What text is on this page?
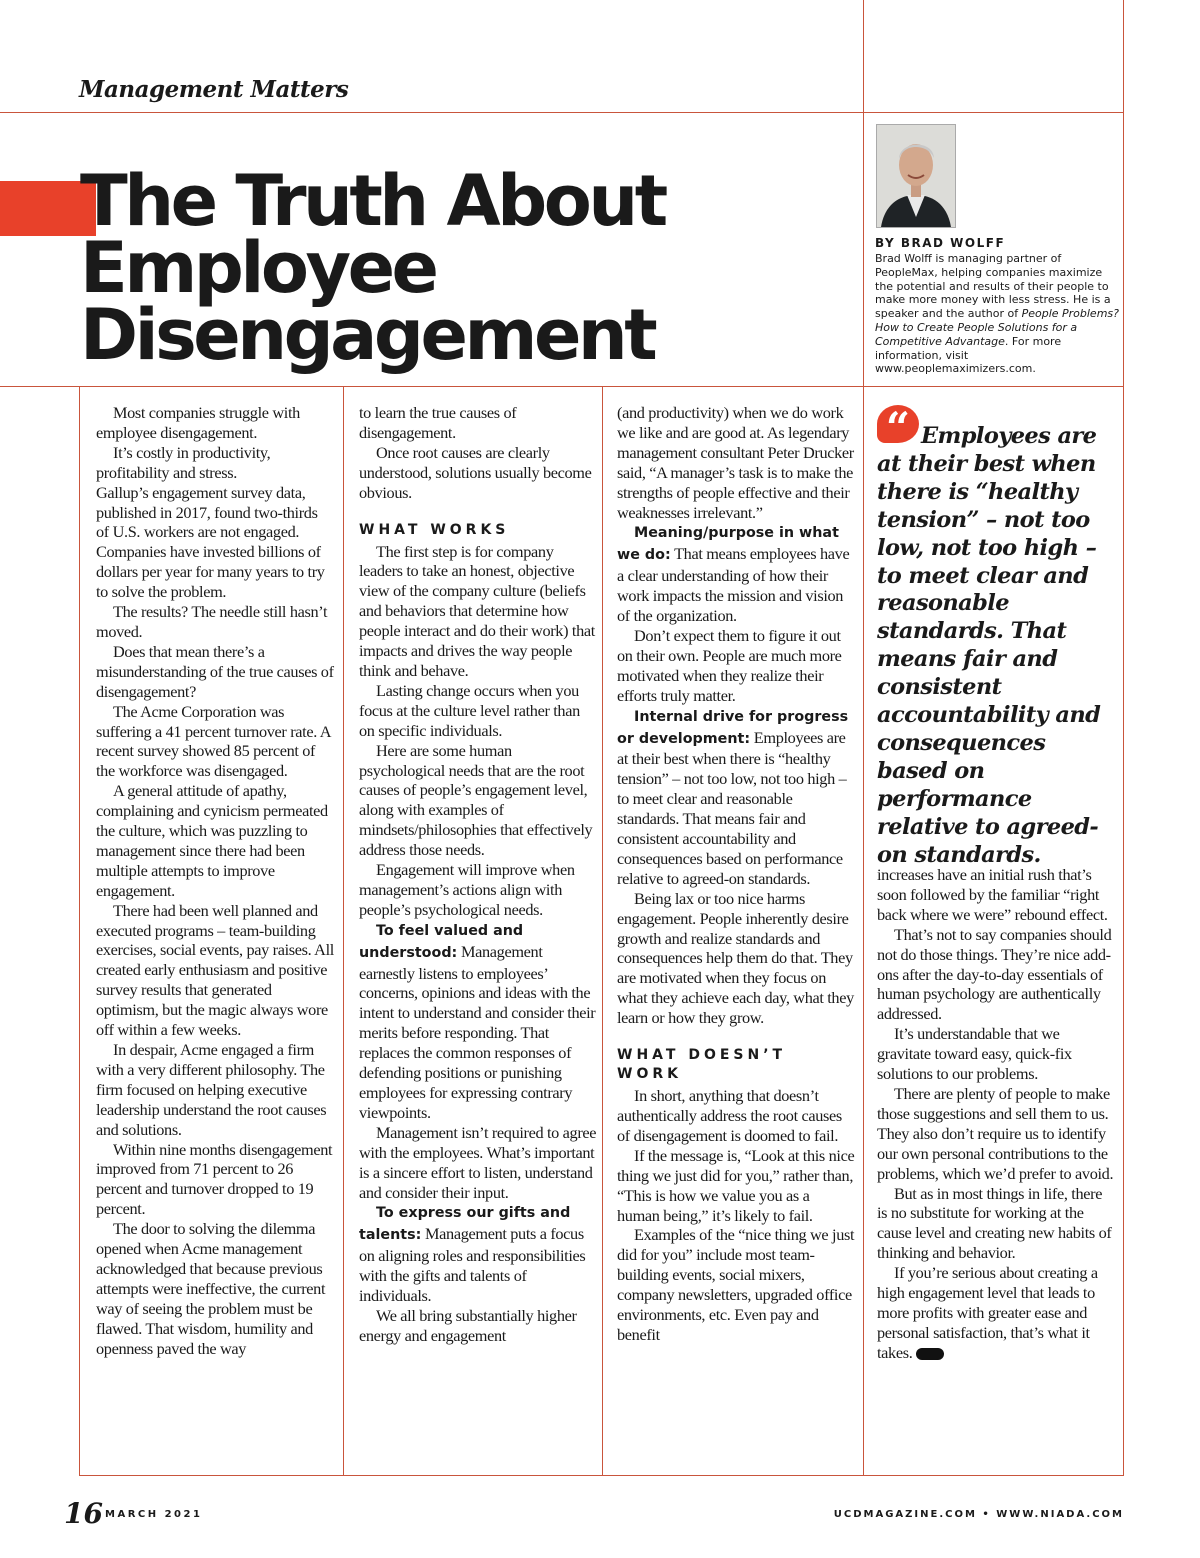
Management Matters
The Truth About
Employee
Disengagement
BY BRAD WOLFF

Brad Wolff is managing partner of PeopleMax, helping companies maximize the potential and results of their people to make more money with less stress. He is a speaker and the author of People Problems? How to Create People Solutions for a Competitive Advantage. For more information, visit www.peoplemaximizers.com.

Most companies struggle with employee disengagement.

It’s costly in productivity, profitability and stress.

Gallup’s engagement survey data, published in 2017, found two-thirds of U.S. workers are not engaged. Companies have invested billions of dollars per year for many years to try to solve the problem.

The results? The needle still hasn’t moved.

Does that mean there’s a misunderstanding of the true causes of disengagement?

The Acme Corporation was suffering a 41 percent turnover rate. A recent survey showed 85 percent of the workforce was disengaged.

A general attitude of apathy, complaining and cynicism permeated the culture, which was puzzling to management since there had been multiple attempts to improve engagement.

There had been well planned and executed programs – team-building exercises, social events, pay raises. All created early enthusiasm and positive survey results that generated optimism, but the magic always wore off within a few weeks.

In despair, Acme engaged a firm with a very different philosophy. The firm focused on helping executive leadership understand the root causes and solutions.

Within nine months disengagement improved from 71 percent to 26 percent and turnover dropped to 19 percent.

The door to solving the dilemma opened when Acme management acknowledged that because previous attempts were ineffective, the current way of seeing the problem must be flawed. That wisdom, humility and openness paved the way

to learn the true causes of disengagement.

Once root causes are clearly understood, solutions usually become obvious.

WHAT WORKS

The first step is for company leaders to take an honest, objective view of the company culture (beliefs and behaviors that determine how people interact and do their work) that impacts and drives the way people think and behave.

Lasting change occurs when you focus at the culture level rather than on specific individuals.

Here are some human psychological needs that are the root causes of people’s engagement level, along with examples of mindsets/philosophies that effectively address those needs.

Engagement will improve when management’s actions align with people’s psychological needs.

To feel valued and understood: Management earnestly listens to employees’ concerns, opinions and ideas with the intent to understand and consider their merits before responding. That replaces the common responses of defending positions or punishing employees for expressing contrary viewpoints.

Management isn’t required to agree with the employees. What’s important is a sincere effort to listen, understand and consider their input.

To express our gifts and talents: Management puts a focus on aligning roles and responsibilities with the gifts and talents of individuals.

We all bring substantially higher energy and engagement

(and productivity) when we do work we like and are good at. As legendary management consultant Peter Drucker said, “A manager’s task is to make the strengths of people effective and their weaknesses irrelevant.”

Meaning/purpose in what we do: That means employees have a clear understanding of how their work impacts the mission and vision of the organization.

Don’t expect them to figure it out on their own. People are much more motivated when they realize their efforts truly matter.

Internal drive for progress or development: Employees are at their best when there is “healthy tension” – not too low, not too high – to meet clear and reasonable standards. That means fair and consistent accountability and consequences based on performance relative to agreed-on standards.

Being lax or too nice harms engagement. People inherently desire growth and realize standards and consequences help them do that. They are motivated when they focus on what they achieve each day, what they learn or how they grow.

WHAT DOESN’T WORK

In short, anything that doesn’t authentically address the root causes of disengagement is doomed to fail.

If the message is, “Look at this nice thing we just did for you,” rather than, “This is how we value you as a human being,” it’s likely to fail.

Examples of the “nice thing we just did for you” include most team-building events, social mixers, company newsletters, upgraded office environments, etc. Even pay and benefit

“ Employees are at their best when there is “healthy tension” – not too low, not too high – to meet clear and reasonable standards. That means fair and consistent accountability and consequences based on performance relative to agreed-on standards.

increases have an initial rush that’s soon followed by the familiar “right back where we were” rebound effect.

That’s not to say companies should not do those things. They’re nice add-ons after the day-to-day essentials of human psychology are authentically addressed.

It’s understandable that we gravitate toward easy, quick-fix solutions to our problems.

There are plenty of people to make those suggestions and sell them to us. They also don’t require us to identify our own personal contributions to the problems, which we’d prefer to avoid.

But as in most things in life, there is no substitute for working at the cause level and creating new habits of thinking and behavior.

If you’re serious about creating a high engagement level that leads to more profits with greater ease and personal satisfaction, that’s what it takes.

16 MARCH 2021	UCDMAGAZINE.COM • WWW.NIADA.COM
